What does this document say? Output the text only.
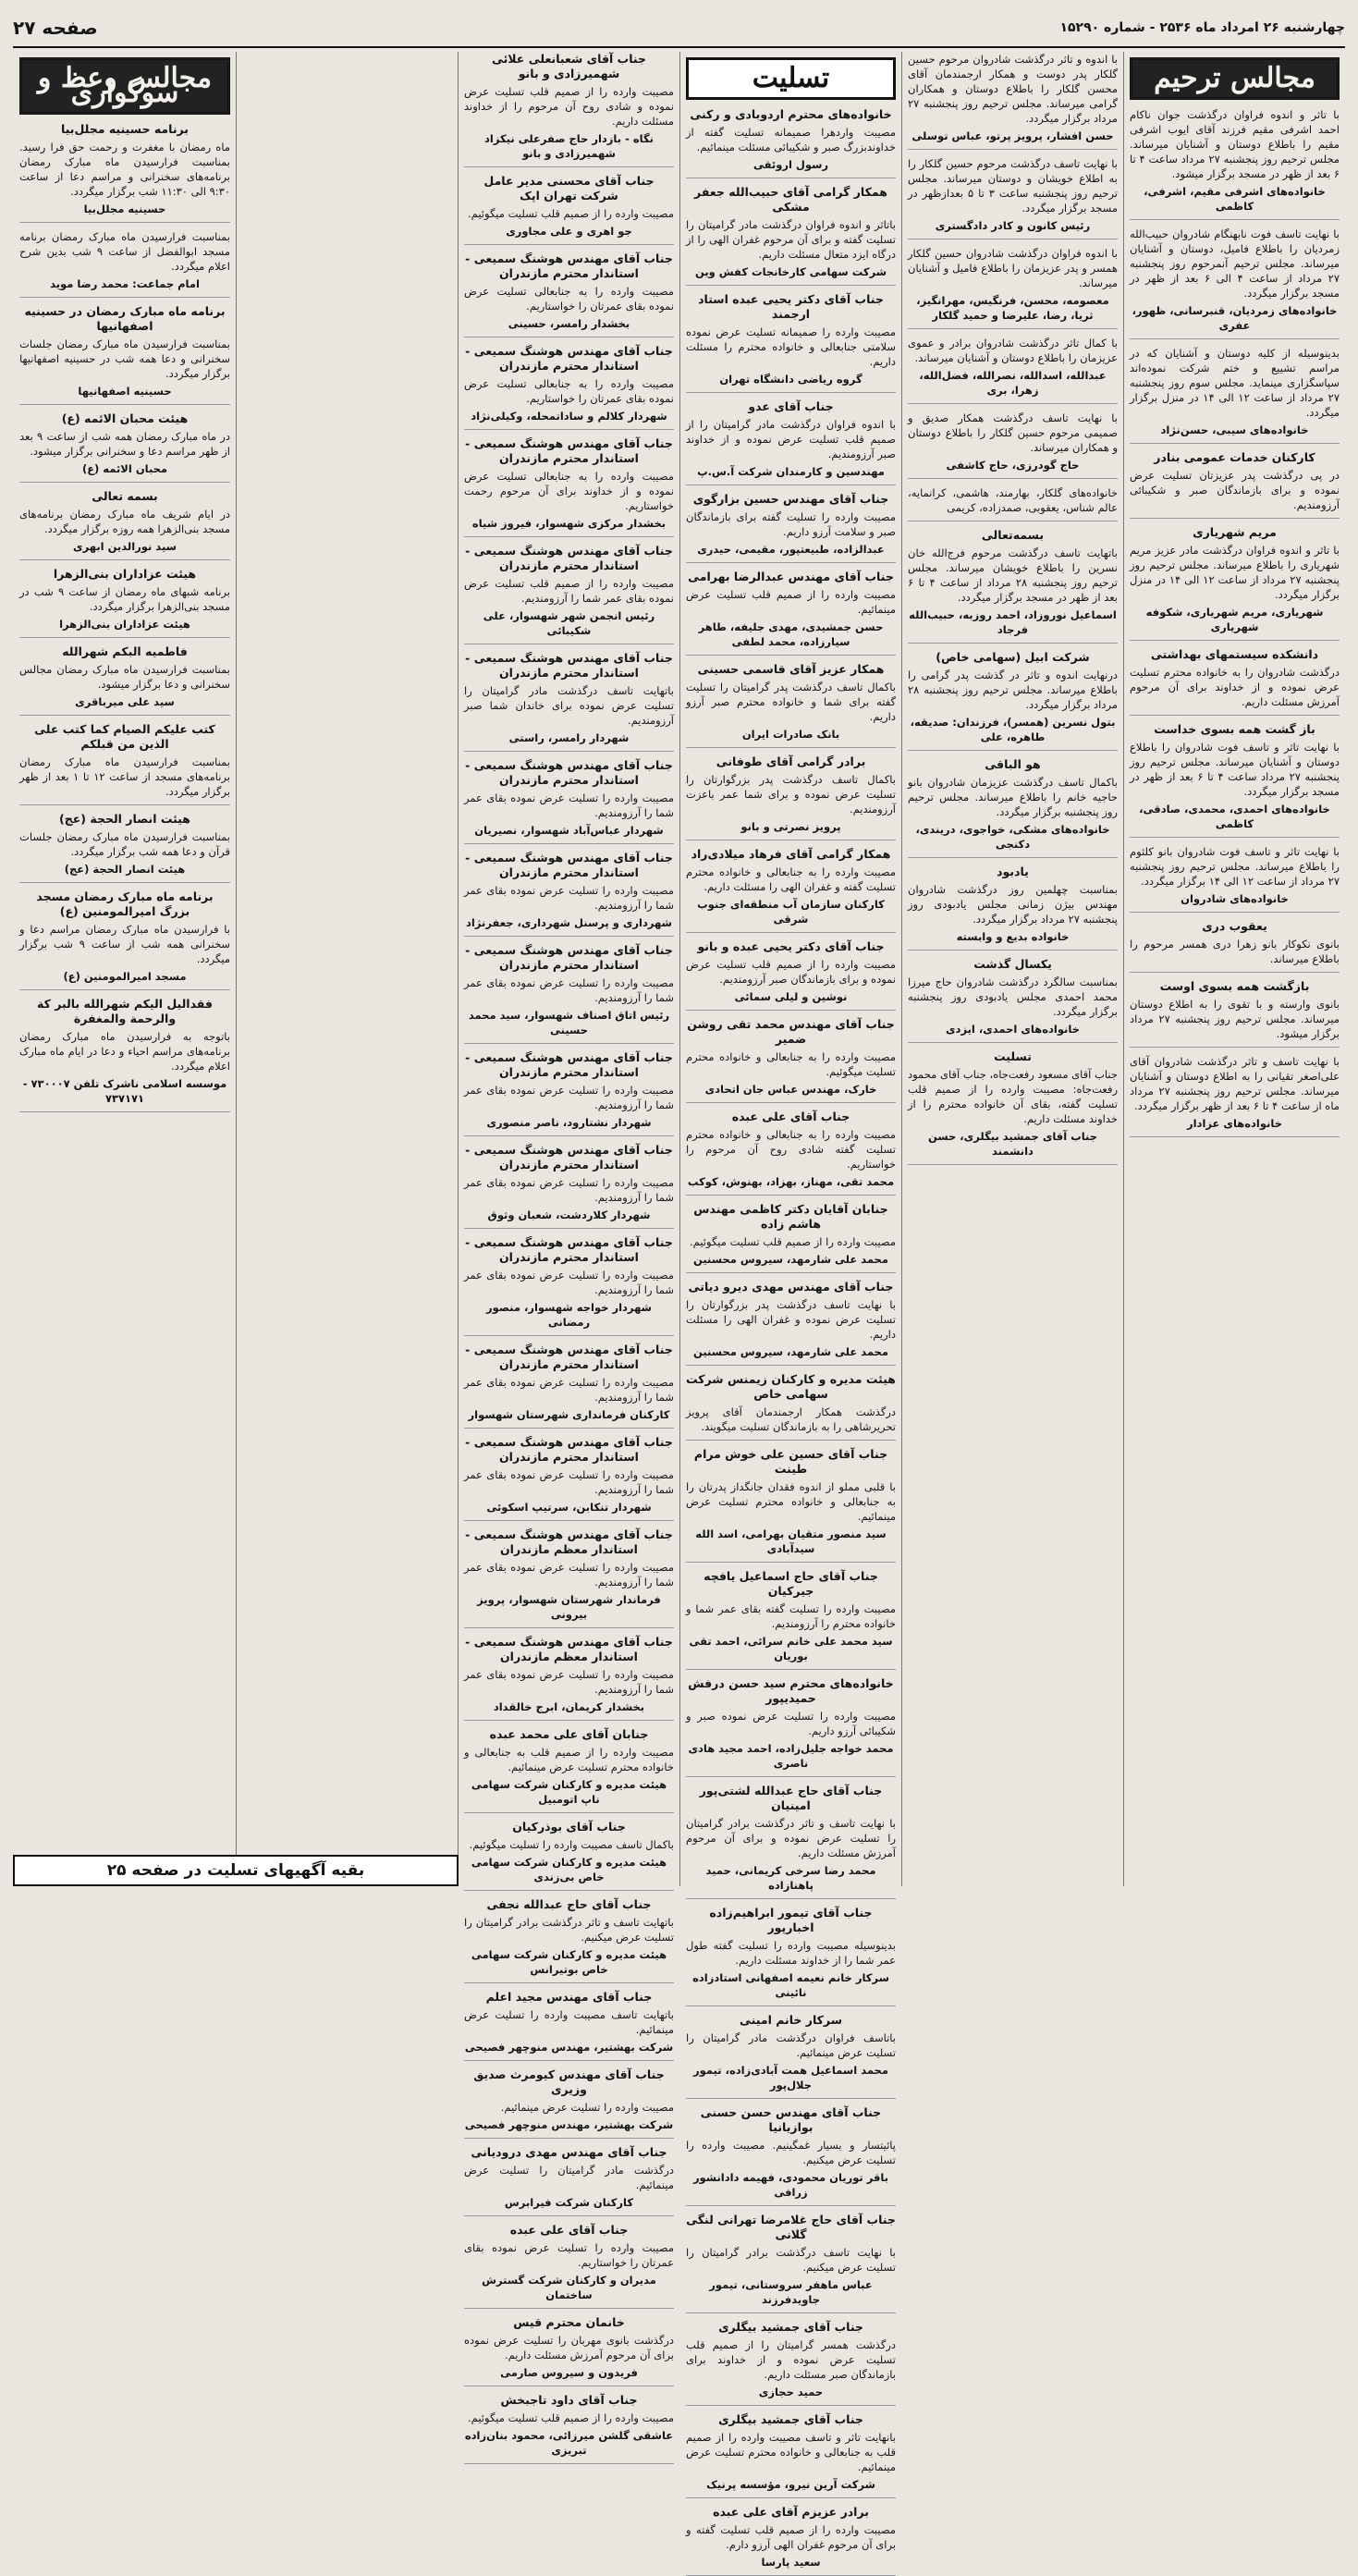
چهارشنبه ۲۶ امرداد ماه ۲۵۳۶ - شماره ۱۵۲۹۰
صفحه ۲۷
مجالس ترحیم

با تاثر و اندوه فراوان درگذشت جوان ناکام احمد اشرفی مقیم فرزند آقای ایوب اشرفی مقیم را باطلاع دوستان و آشنایان میرساند. مجلس ترحیم روز پنجشنبه ۲۷ مرداد ساعت ۴ تا ۶ بعد از ظهر در مسجد برگزار میشود.

خانواده‌های اشرفی مقیم، اشرفی، کاظمی

با نهایت تاسف فوت نابهنگام شادروان حبیب‌الله زمردیان را باطلاع فامیل، دوستان و آشنایان میرساند. مجلس ترحیم آنمرحوم روز پنجشنبه ۲۷ مرداد از ساعت ۴ الی ۶ بعد از ظهر در مسجد برگزار میگردد.

خانواده‌های زمردیان، قنبرسانی، ظهور، عفری

بدینوسیله از کلیه دوستان و آشنایان که در مراسم تشییع و ختم شرکت نموده‌اند سپاسگزاری مینماید. مجلس سوم روز پنجشنبه ۲۷ مرداد از ساعت ۱۲ الی ۱۴ در منزل برگزار میگردد.

خانواده‌های سیبی، حسن‌نژاد
کارکنان خدمات عمومی بنادر

در پی درگذشت پدر عزیزتان تسلیت عرض نموده و برای بازماندگان صبر و شکیبائی آرزومندیم.

مریم شهریاری

با تاثر و اندوه فراوان درگذشت مادر عزیز مریم شهریاری را باطلاع میرساند. مجلس ترحیم روز پنجشنبه ۲۷ مرداد از ساعت ۱۲ الی ۱۴ در منزل برگزار میگردد.

شهریاری، مریم شهریاری، شکوفه شهریاری
دانشکده سیستمهای بهداشتی

درگذشت شادروان را به خانواده محترم تسلیت عرض نموده و از خداوند برای آن مرحوم آمرزش مسئلت داریم.

باز گشت همه بسوی خداست

با نهایت تاثر و تاسف فوت شادروان را باطلاع دوستان و آشنایان میرساند. مجلس ترحیم روز پنجشنبه ۲۷ مرداد ساعت ۴ تا ۶ بعد از ظهر در مسجد برگزار میگردد.

خانواده‌های احمدی، محمدی، صادقی، کاظمی

با نهایت تاثر و تاسف فوت شادروان بانو کلثوم را باطلاع میرساند. مجلس ترحیم روز پنجشنبه ۲۷ مرداد از ساعت ۱۲ الی ۱۴ برگزار میگردد.

خانواده‌های شادروان
یعقوب دری

بانوی نکوکار بانو زهرا دری همسر مرحوم را باطلاع میرساند.

بازگشت همه بسوی اوست

بانوی وارسته و با تقوی را به اطلاع دوستان میرساند. مجلس ترحیم روز پنجشنبه ۲۷ مرداد برگزار میشود.

با نهایت تاسف و تاثر درگذشت شادروان آقای علی‌اصغر تقیانی را به اطلاع دوستان و آشنایان میرساند. مجلس ترحیم روز پنجشنبه ۲۷ مرداد ماه از ساعت ۴ تا ۶ بعد از ظهر برگزار میگردد.

خانواده‌های عزادار

با اندوه و تاثر درگذشت شادروان مرحوم حسین گلکار پدر دوست و همکار ارجمندمان آقای محسن گلکار را باطلاع دوستان و همکاران گرامی میرساند. مجلس ترحیم روز پنجشنبه ۲۷ مرداد برگزار میگردد.

حسن افشار، پرویز پرتو، عباس توسلی

با نهایت تاسف درگذشت مرحوم حسین گلکار را به اطلاع خویشان و دوستان میرساند. مجلس ترحیم روز پنجشنبه ساعت ۳ تا ۵ بعدازظهر در مسجد برگزار میگردد.

رئیس کانون و کادر دادگستری

با اندوه فراوان درگذشت شادروان حسین گلکار همسر و پدر عزیزمان را باطلاع فامیل و آشنایان میرساند.

معصومه، محسن، فرنگیس، مهرانگیز، ثریا، رضا، علیرضا و حمید گلکار

با کمال تاثر درگذشت شادروان برادر و عموی عزیزمان را باطلاع دوستان و آشنایان میرساند.

عبدالله، اسدالله، نصرالله، فضل‌الله، زهرا، بری

با نهایت تاسف درگذشت همکار صدیق و صمیمی مرحوم حسین گلکار را باطلاع دوستان و همکاران میرساند.

حاج گودرزی، حاج کاشفی

خانواده‌های گلکار، بهارمند، هاشمی، کرانمایه، عالم شناس، یعقوبی، صمدزاده، کریمی

بسمه‌تعالی

باتهایت تاسف درگذشت مرحوم فرج‌الله خان نسرین را باطلاع خویشان میرساند. مجلس ترحیم روز پنجشنبه ۲۸ مرداد از ساعت ۴ تا ۶ بعد از ظهر در مسجد برگزار میگردد.

اسماعیل نوروزاد، احمد روزبه، حبیب‌الله فرجاد
شرکت ابیل (سهامی خاص)

درنهایت اندوه و تاثر در گذشت پدر گرامی را باطلاع میرساند. مجلس ترحیم روز پنجشنبه ۲۸ مرداد برگزار میگردد.

بتول نسرین (همسر)، فرزندان: صدیقه، طاهره، علی
هو الباقی

باکمال تاسف درگذشت عزیزمان شادروان بانو حاجیه خانم را باطلاع میرساند. مجلس ترحیم روز پنجشنبه برگزار میگردد.

خانواده‌های مشکی، خواجوی، دریندی، دکنجی
یادبود

بمناسبت چهلمین روز درگذشت شادروان مهندس بیژن زمانی مجلس یادبودی روز پنجشنبه ۲۷ مرداد برگزار میگردد.

خانواده بدیع و وابسته
یکسال گذشت

بمناسبت سالگرد درگذشت شادروان حاج میرزا محمد احمدی مجلس یادبودی روز پنجشنبه برگزار میگردد.

خانواده‌های احمدی، ایزدی
تسلیت

جناب آقای مسعود رفعت‌جاه، جناب آقای محمود رفعت‌جاه: مصیبت وارده را از صمیم قلب تسلیت گفته، بقای آن خانواده محترم را از خداوند مسئلت داریم.

جناب آقای جمشید بیگلری، حسن دانشمند
تسلیت
خانواده‌های محترم اردوبادی و رکنی

مصیبت واردهرا صمیمانه تسلیت گفته از خداوندبزرگ صبر و شکیبائی مسئلت مینمائیم.

رسول اروئقی
همکار گرامی آقای حبیب‌الله جعفر مشکی

باتاثر و اندوه فراوان درگذشت مادر گرامیتان را تسلیت گفته و برای آن مرحوم غفران الهی را از درگاه ایزد متعال مسئلت داریم.

شرکت سهامی کارخانجات کفش وین
جناب آقای دکتر یحیی عبده استاد ارجمند

مصیبت وارده را صمیمانه تسلیت عرض نموده سلامتی جنابعالی و خانواده محترم را مسئلت داریم.

گروه ریاضی دانشگاه تهران
جناب آقای عدو

با اندوه فراوان درگذشت مادر گرامیتان را از صمیم قلب تسلیت عرض نموده و از خداوند صبر آرزومندیم.

مهندسین و کارمندان شرکت آ.س.پ
جناب آقای مهندس حسین بزارگوی

مصیبت وارده را تسلیت گفته برای بازماندگان صبر و سلامت آرزو داریم.

عبدالزاده، طبیعتپور، مقیمی، حیدری
جناب آقای مهندس عبدالرضا بهرامی

مصیبت وارده را از صمیم قلب تسلیت عرض مینمائیم.

حسن جمشیدی، مهدی جلیفه، طاهر سیارزاده، محمد لطفی
همکار عزیز آقای قاسمی حسینی

باکمال تاسف درگذشت پدر گرامیتان را تسلیت گفته برای شما و خانواده محترم صبر آرزو داریم.

بانک صادرات ایران
برادر گرامی آقای طوفانی

باکمال تاسف درگذشت پدر بزرگوارتان را تسلیت عرض نموده و برای شما عمر باعزت آرزومندیم.

پرویز نصرتی و بانو
همکار گرامی آقای فرهاد میلادی‌راد

مصیبت وارده را به جنابعالی و خانواده محترم تسلیت گفته و غفران الهی را مسئلت داریم.

کارکنان سازمان آب منطقه‌ای جنوب شرقی
جناب آقای دکتر یحیی عبده و بانو

مصیبت وارده را از صمیم قلب تسلیت عرض نموده و برای بازماندگان صبر آرزومندیم.

نوشین و لیلی سمائی
جناب آقای مهندس محمد تقی روشن ضمیر

مصیبت وارده را به جنابعالی و خانواده محترم تسلیت میگوئیم.

خارک، مهندس عباس جان اتحادی
جناب آقای علی عبده

مصیبت وارده را به جنابعالی و خانواده محترم تسلیت گفته شادی روح آن مرحوم را خواستاریم.

محمد تقی، مهناز، بهزاد، بهنوش، کوکب
جنابان آقایان دکتر کاظمی مهندس هاشم زاده

مصیبت وارده را از صمیم قلب تسلیت میگوئیم.

محمد علی شارمهد، سیروس محسنین
جناب آقای مهندس مهدی دیرو دیاتی

با نهایت تاسف درگذشت پدر بزرگوارتان را تسلیت عرض نموده و غفران الهی را مسئلت داریم.

محمد علی شارمهد، سیروس محسنین
هیئت مدیره و کارکنان زیمنس شرکت سهامی خاص

درگذشت همکار ارجمندمان آقای پرویز تحریرشاهی را به بازماندگان تسلیت میگویند.

جناب آقای حسین علی خوش مرام طینت

با قلبی مملو از اندوه فقدان جانگداز پدرتان را به جنابعالی و خانواده محترم تسلیت عرض مینمائیم.

سید منصور متقیان بهرامی، اسد الله سیدآبادی
جناب آقای حاج اسماعیل یافچه جیرکیان

مصیبت وارده را تسلیت گفته بقای عمر شما و خانواده محترم را آرزومندیم.

سید محمد علی خانم سرائی، احمد تقی بوریان
خانواده‌های محترم سید حسن درفش حمیدیپور

مصیبت وارده را تسلیت عرض نموده صبر و شکیبائی آرزو داریم.

محمد خواجه جلیل‌زاده، احمد مجید هادی ناصری
جناب آقای حاج عبدالله لشتی‌پور امینیان

با نهایت تاسف و تاثر درگذشت برادر گرامیتان را تسلیت عرض نموده و برای آن مرحوم آمرزش مسئلت داریم.

محمد رضا سرخی کریمانی، حمید پاهنازاده
جناب آقای تیمور ابراهیم‌زاده اخبارپور

بدینوسیله مصیبت وارده را تسلیت گفته طول عمر شما را از خداوند مسئلت داریم.

سرکار خانم نعیمه اصفهانی استادزاده نائینی
سرکار خانم امینی

باتاسف فراوان درگذشت مادر گرامیتان را تسلیت عرض مینمائیم.

محمد اسماعیل همت آبادی‌زاده، تیمور جلال‌پور
جناب آقای مهندس حسن حسنی بوازیانیا

پائیتسار و بسیار غمگینیم. مصیبت وارده را تسلیت عرض میکنیم.

باقر توریان محمودی، فهیمه دادانشور زرافی
جناب آقای حاج غلامرضا تهرانی لنگی گلانی

با نهایت تاسف درگذشت برادر گرامیتان را تسلیت عرض میکنیم.

عباس ماهفر سروستانی، تیمور جاویدفرزند
جناب آقای جمشید بیگلری

درگذشت همسر گرامیتان را از صمیم قلب تسلیت عرض نموده و از خداوند برای بازماندگان صبر مسئلت داریم.

حمید حجازی
جناب آقای جمشید بیگلری

بانهایت تاثر و تاسف مصیبت وارده را از صمیم قلب به جنابعالی و خانواده محترم تسلیت عرض مینمائیم.

شرکت آرین نیرو، مؤسسه پرنیک
برادر عزیزم آقای علی عبده

مصیبت وارده را از صمیم قلب تسلیت گفته و برای آن مرحوم غفران الهی آرزو دارم.

سعید پارسا
جناب آقای شعبانعلی علائی شهمیرزادی و بانو

مصیبت وارده را از صمیم قلب تسلیت عرض نموده و شادی روح آن مرحوم را از خداوند مسئلت داریم.

نگاه - بازدار حاج صفرعلی نیکزاد شهمیرزادی و بانو
جناب آقای محسنی مدیر عامل شرکت تهران اپک

مصیبت وارده را از صمیم قلب تسلیت میگوئیم.

جو اهری و علی مجاوری
جناب آقای مهندس هوشنگ سمیعی - استاندار محترم مازندران

مصیبت وارده را به جنابعالی تسلیت عرض نموده بقای عمرتان را خواستاریم.

بخشدار رامسر، حسینی
جناب آقای مهندس هوشنگ سمیعی - استاندار محترم مازندران

مصیبت وارده را به جنابعالی تسلیت عرض نموده بقای عمرتان را خواستاریم.

شهردار کلالم و ساداتمحله، وکیلی‌نژاد
جناب آقای مهندس هوشنگ سمیعی - استاندار محترم مازندران

مصیبت وارده را به جنابعالی تسلیت عرض نموده و از خداوند برای آن مرحوم رحمت خواستاریم.

بخشدار مرکزی شهسوار، فیروز شیاه
جناب آقای مهندس هوشنگ سمیعی - استاندار محترم مازندران

مصیبت وارده را از صمیم قلب تسلیت عرض نموده بقای عمر شما را آرزومندیم.

رئیس انجمن شهر شهسوار، علی شکیبائی
جناب آقای مهندس هوشنگ سمیعی - استاندار محترم مازندران

باتهایت تاسف درگذشت مادر گرامیتان را تسلیت عرض نموده برای خاندان شما صبر آرزومندیم.

شهردار رامسر، راستی
جناب آقای مهندس هوشنگ سمیعی - استاندار محترم مازندران

مصیبت وارده را تسلیت عرض نموده بقای عمر شما را آرزومندیم.

شهردار عباس‌آباد شهسوار، نصیریان
جناب آقای مهندس هوشنگ سمیعی - استاندار محترم مازندران

مصیبت وارده را تسلیت عرض نموده بقای عمر شما را آرزومندیم.

شهرداری و پرسنل شهرداری، جعفرنژاد
جناب آقای مهندس هوشنگ سمیعی - استاندار محترم مازندران

مصیبت وارده را تسلیت عرض نموده بقای عمر شما را آرزومندیم.

رئیس اتاق اصناف شهسوار، سید محمد حسینی
جناب آقای مهندس هوشنگ سمیعی - استاندار محترم مازندران

مصیبت وارده را تسلیت عرض نموده بقای عمر شما را آرزومندیم.

شهردار نشتارود، ناصر منصوری
جناب آقای مهندس هوشنگ سمیعی - استاندار محترم مازندران

مصیبت وارده را تسلیت عرض نموده بقای عمر شما را آرزومندیم.

شهردار کلاردشت، شعبان وثوق
جناب آقای مهندس هوشنگ سمیعی - استاندار محترم مازندران

مصیبت وارده را تسلیت عرض نموده بقای عمر شما را آرزومندیم.

شهردار خواجه شهسوار، منصور رمضانی
جناب آقای مهندس هوشنگ سمیعی - استاندار محترم مازندران

مصیبت وارده را تسلیت عرض نموده بقای عمر شما را آرزومندیم.

کارکنان فرمانداری شهرستان شهسوار
جناب آقای مهندس هوشنگ سمیعی - استاندار محترم مازندران

مصیبت وارده را تسلیت عرض نموده بقای عمر شما را آرزومندیم.

شهردار تنکابن، سرتیپ اسکوئی
جناب آقای مهندس هوشنگ سمیعی - استاندار معظم مازندران

مصیبت وارده را تسلیت عرض نموده بقای عمر شما را آرزومندیم.

فرماندار شهرستان شهسوار، پرویز بیرونی
جناب آقای مهندس هوشنگ سمیعی - استاندار معظم مازندران

مصیبت وارده را تسلیت عرض نموده بقای عمر شما را آرزومندیم.

بخشدار کریمان، ابرج خالقداد
جنابان آقای علی محمد عبده

مصیبت وارده را از صمیم قلب به جنابعالی و خانواده محترم تسلیت عرض مینمائیم.

هیئت مدیره و کارکنان شرکت سهامی ناپ اتومبیل
جناب آقای بوذرکیان

باکمال تاسف مصیبت وارده را تسلیت میگوئیم.

هیئت مدیره و کارکنان شرکت سهامی خاص بی‌زندی
جناب آقای حاج عبدالله نجفی

باتهایت تاسف و تاثر درگذشت برادر گرامیتان را تسلیت عرض میکنیم.

هیئت مدیره و کارکنان شرکت سهامی خاص بوتیرانس
جناب آقای مهندس مجید اعلم

باتهایت تاسف مصیبت وارده را تسلیت عرض مینمائیم.

شرکت بهشتیر، مهندس منوچهر فصیحی
جناب آقای مهندس کیومرث صدیق وزیری

مصیبت وارده را تسلیت عرض مینمائیم.

شرکت بهشتیر، مهندس منوچهر فصیحی
جناب آقای مهندس مهدی درودیانی

درگذشت مادر گرامیتان را تسلیت عرض مینمائیم.

کارکنان شرکت فیرابرس
جناب آقای علی عبده

مصیبت وارده را تسلیت عرض نموده بقای عمرتان را خواستاریم.

مدیران و کارکنان شرکت گسترش ساختمان
خانمان محترم قیس

درگذشت بانوی مهربان را تسلیت عرض نموده برای آن مرحوم آمرزش مسئلت داریم.

فریدون و سیروس صارمی
جناب آقای داود تاجبخش

مصیبت وارده را از صمیم قلب تسلیت میگوئیم.

عاشقی گلشن میرزائی، محمود بنان‌زاده تبریزی
مجالس وعظ و سوگواری
برنامه حسینیه مجلل‌بیا

ماه رمضان با مغفرت و رحمت حق فرا رسید. بمناسبت فرارسیدن ماه مبارک رمضان برنامه‌های سخنرانی و مراسم دعا از ساعت ۹:۳۰ الی ۱۱:۳۰ شب برگزار میگردد.

حسینیه مجلل‌بیا

بمناسبت فرارسیدن ماه مبارک رمضان برنامه مسجد ابوالفضل از ساعت ۹ شب بدین شرح اعلام میگردد.

امام جماعت: محمد رضا موید
برنامه ماه مبارک رمضان در حسینیه اصفهانیها

بمناسبت فرارسیدن ماه مبارک رمضان جلسات سخنرانی و دعا همه شب در حسینیه اصفهانیها برگزار میگردد.

حسینیه اصفهانیها
هیئت محبان الائمه (ع)

در ماه مبارک رمضان همه شب از ساعت ۹ بعد از ظهر مراسم دعا و سخنرانی برگزار میشود.

محبان الائمه (ع)
بسمه تعالی

در ایام شریف ماه مبارک رمضان برنامه‌های مسجد بنی‌الزهرا همه روزه برگزار میگردد.

سید نورالدین ابهری
هیئت عزاداران بنی‌الزهرا

برنامه شبهای ماه رمضان از ساعت ۹ شب در مسجد بنی‌الزهرا برگزار میگردد.

هیئت عزاداران بنی‌الزهرا
فاطمیه البکم شهرالله

بمناسبت فرارسیدن ماه مبارک رمضان مجالس سخنرانی و دعا برگزار میشود.

سید علی میرباقری
کتب علیکم الصیام کما کتب علی الذین من قبلکم

بمناسبت فرارسیدن ماه مبارک رمضان برنامه‌های مسجد از ساعت ۱۲ تا ۱ بعد از ظهر برگزار میگردد.

هیئت انصار الحجة (عج)

بمناسبت فرارسیدن ماه مبارک رمضان جلسات قرآن و دعا همه شب برگزار میگردد.

هیئت انصار الحجة (عج)
برنامه ماه مبارک رمضان مسجد بزرگ امیرالمومنین (ع)

با فرارسیدن ماه مبارک رمضان مراسم دعا و سخنرانی همه شب از ساعت ۹ شب برگزار میگردد.

مسجد امیرالمومنین (ع)
فقدالیل الیکم شهرالله بالبر کة والرحمة والمغفرة

باتوجه به فرارسیدن ماه مبارک رمضان برنامه‌های مراسم احیاء و دعا در ایام ماه مبارک اعلام میگردد.

موسسه اسلامی ناشرک تلفن ۷۳۰۰۰۷ - ۷۳۷۱۷۱
بقیه آگهیهای تسلیت در صفحه ۲۵
